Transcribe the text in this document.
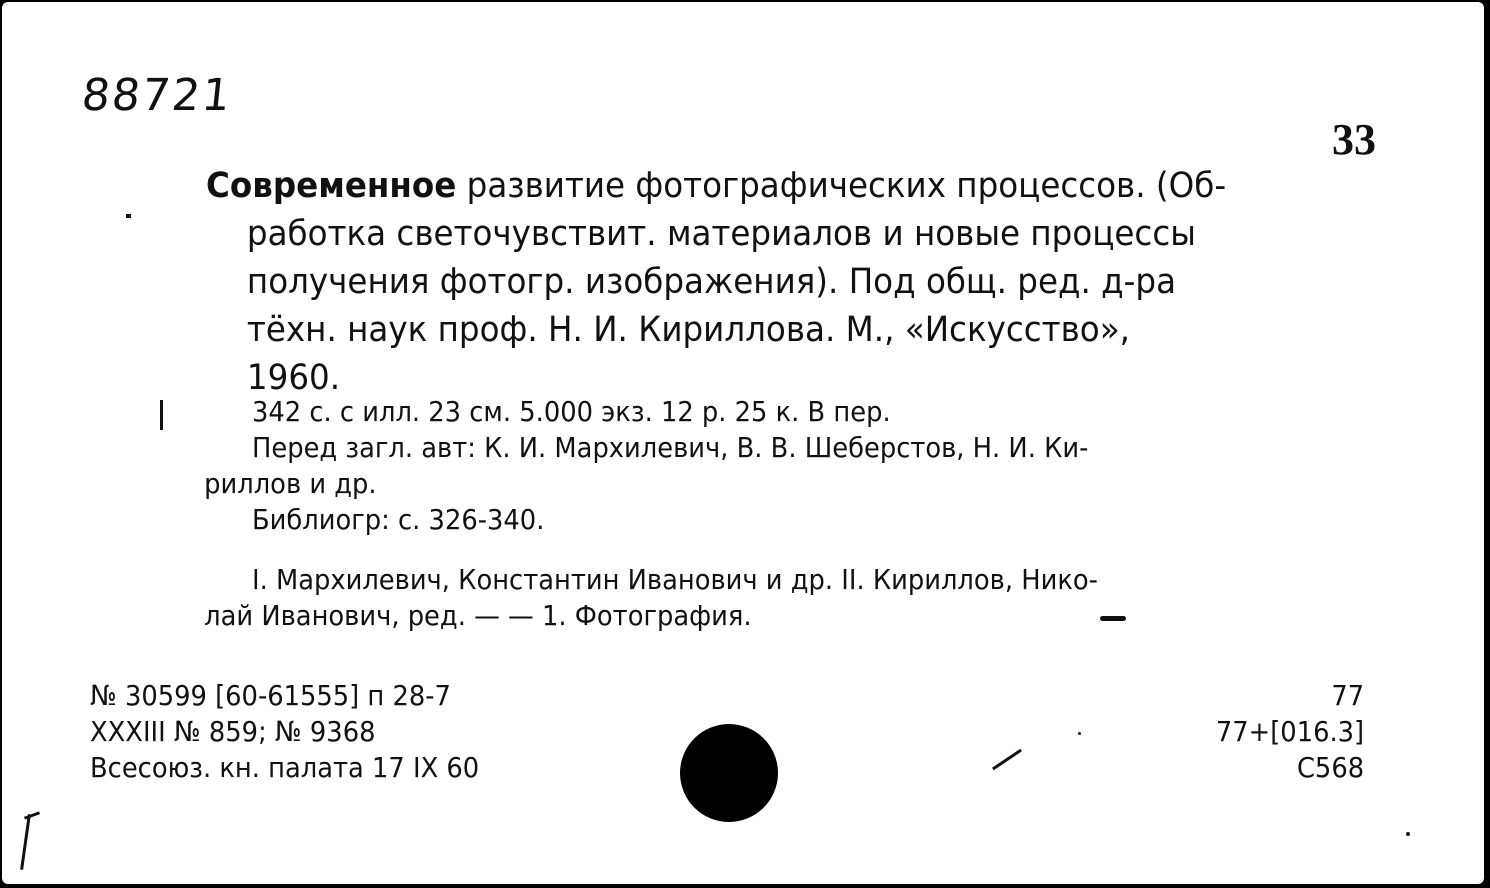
88721
33
Современное развитие фотографических процессов. (Об-
работка светочувствит. материалов и новые процессы
получения фотогр. изображения). Под общ. ред. д-ра
тёхн. наук проф. Н. И. Кириллова. М., «Искусство»,
1960.
342 с. с илл. 23 см. 5.000 экз. 12 р. 25 к. В пер.
Перед загл. авт: К. И. Мархилевич, В. В. Шеберстов, Н. И. Ки-
риллов и др.
Библиогр: с. 326-340.
I. Мархилевич, Константин Иванович и др. II. Кириллов, Нико-
лай Иванович, ред. — — 1. Фотография.
№ 30599 [60-61555] п 28-7
XXXIII № 859; № 9368
Всесоюз. кн. палата 17 IX 60
77
77+[016.3]
С568
